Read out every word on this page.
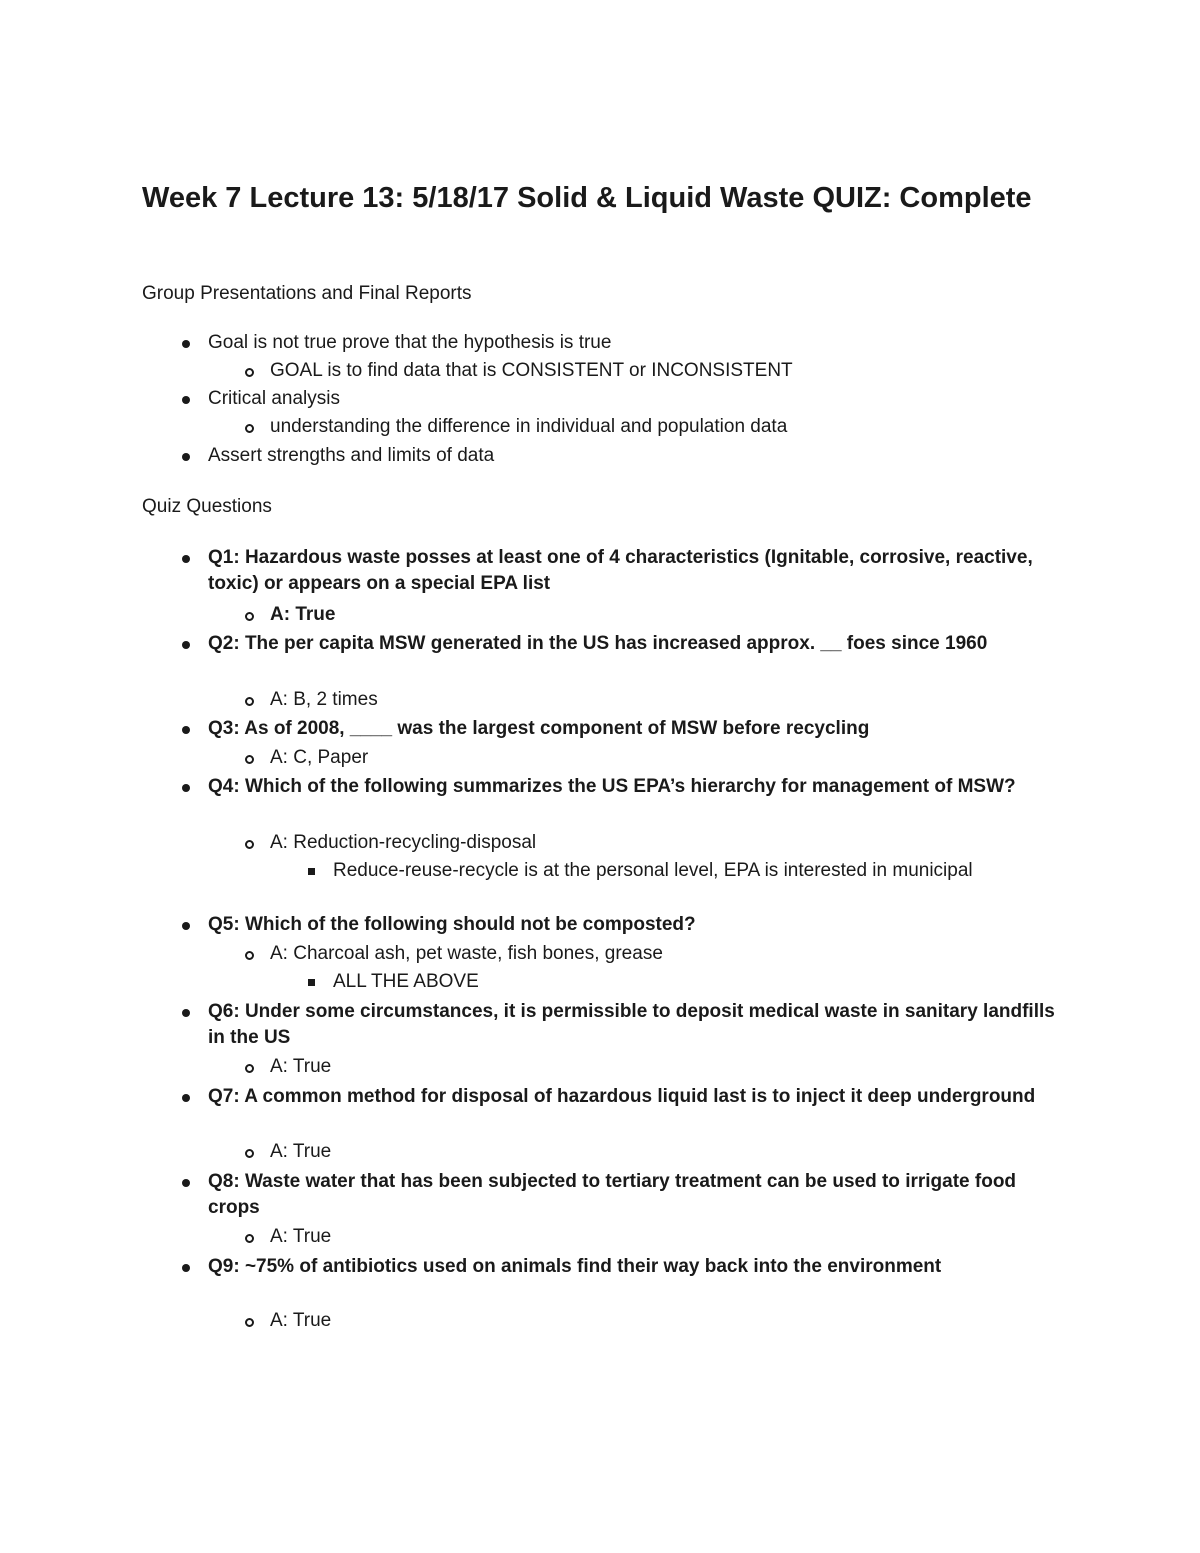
Week 7 Lecture 13: 5/18/17 Solid & Liquid Waste QUIZ: Complete

Group Presentations and Final Reports

Goal is not true prove that the hypothesis is true
GOAL is to find data that is CONSISTENT or INCONSISTENT
Critical analysis
understanding the difference in individual and population data
Assert strengths and limits of data

Quiz Questions

Q1: Hazardous waste posses at least one of 4 characteristics (Ignitable, corrosive, reactive, toxic) or appears on a special EPA list
A: True
Q2: The per capita MSW generated in the US has increased approx. __ foes since 1960
A: B, 2 times
Q3: As of 2008, ____ was the largest component of MSW before recycling
A: C, Paper
Q4: Which of the following summarizes the US EPA’s hierarchy for management of MSW?
A: Reduction-recycling-disposal
Reduce-reuse-recycle is at the personal level, EPA is interested in municipal
Q5: Which of the following should not be composted?
A: Charcoal ash, pet waste, fish bones, grease
ALL THE ABOVE
Q6: Under some circumstances, it is permissible to deposit medical waste in sanitary landfills in the US
A: True
Q7: A common method for disposal of hazardous liquid last is to inject it deep underground
A: True
Q8: Waste water that has been subjected to tertiary treatment can be used to irrigate food crops
A: True
Q9: ~75% of antibiotics used on animals find their way back into the environment
A: True
